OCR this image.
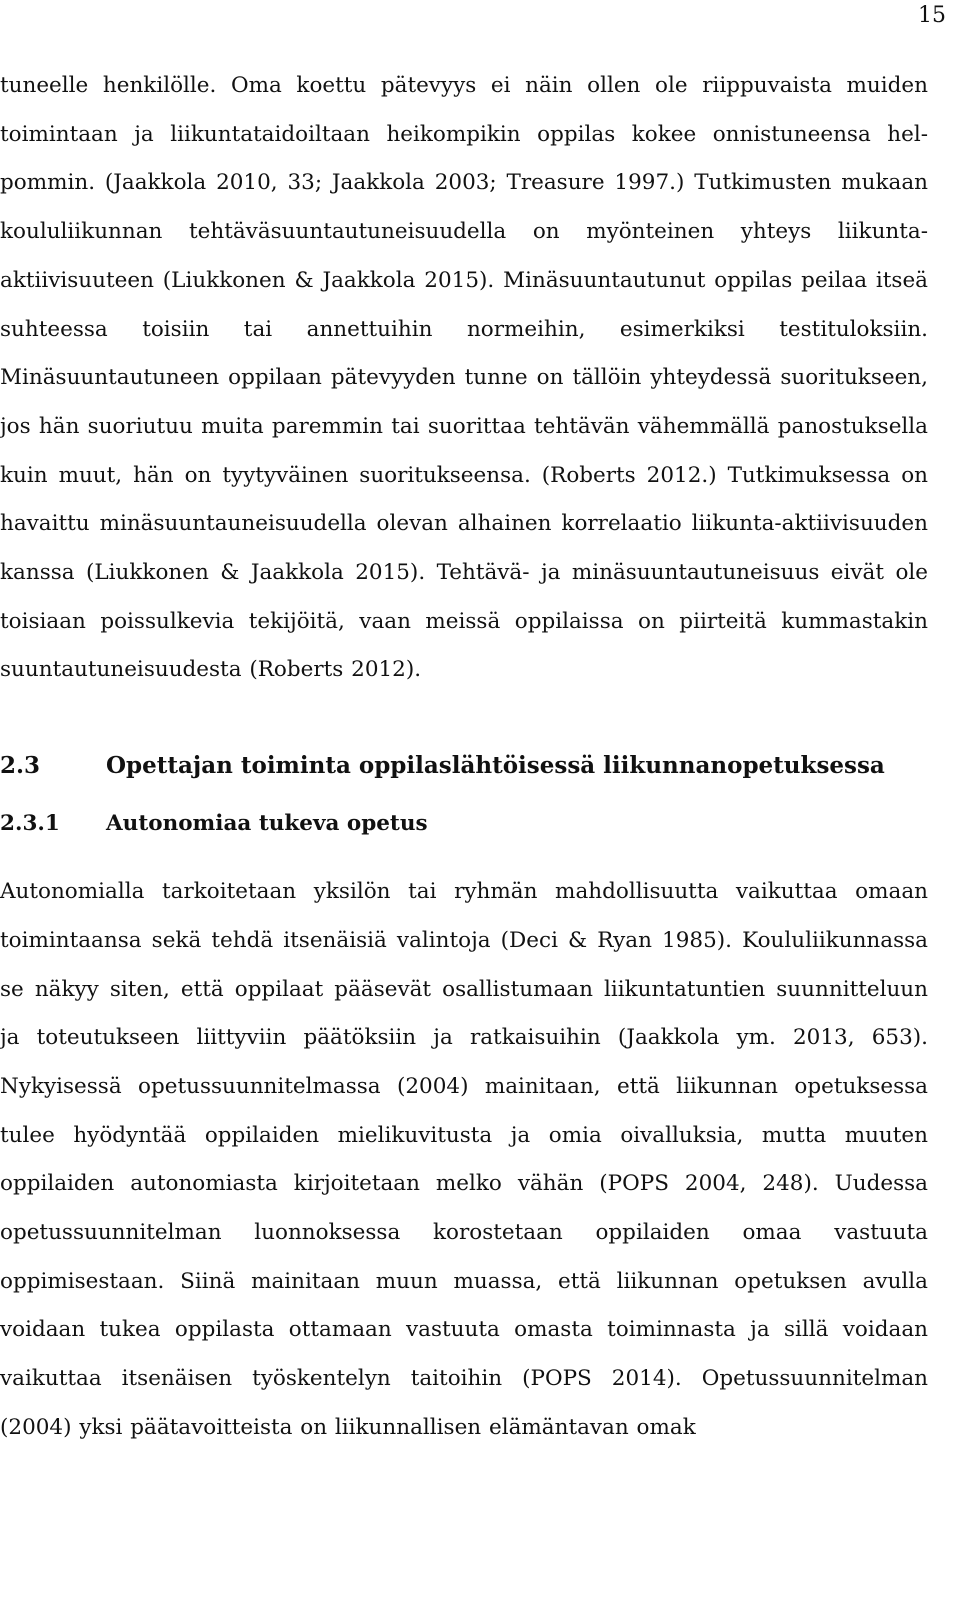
15

tuneelle henkilölle. Oma koettu pätevyys ei näin ollen ole riippuvaista muiden toimintaan ja liikuntataidoiltaan heikompikin oppilas kokee onnistuneensa helpommin. (Jaakkola 2010, 33; Jaakkola 2003; Treasure 1997.) Tutkimusten mukaan koululiikunnan tehtäväsuuntautuneisuudella on myönteinen yhteys liikunta-aktiivisuuteen (Liukkonen & Jaakkola 2015). Minäsuuntautunut oppilas peilaa itseä suhteessa toisiin tai annettuihin normeihin, esimerkiksi testituloksiin. Minäsuuntautuneen oppilaan pätevyyden tunne on tällöin yhteydessä suoritukseen, jos hän suoriutuu muita paremmin tai suorittaa tehtävän vähemmällä panostuksella kuin muut, hän on tyytyväinen suoritukseensa. (Roberts 2012.) Tutkimuksessa on havaittu minäsuuntauneisuudella olevan alhainen korrelaatio liikunta-aktiivisuuden kanssa (Liukkonen & Jaakkola 2015). Tehtävä- ja minäsuuntautuneisuus eivät ole toisiaan poissulkevia tekijöitä, vaan meissä oppilaissa on piirteitä kummastakin suuntautuneisuudesta (Roberts 2012).

2.3	Opettajan toiminta oppilaslähtöisessä liikunnanopetuksessa
2.3.1	Autonomiaa tukeva opetus

Autonomialla tarkoitetaan yksilön tai ryhmän mahdollisuutta vaikuttaa omaan toimintaansa sekä tehdä itsenäisiä valintoja (Deci & Ryan 1985). Koululiikunnassa se näkyy siten, että oppilaat pääsevät osallistumaan liikuntatuntien suunnitteluun ja toteutukseen liittyviin päätöksiin ja ratkaisuihin (Jaakkola ym. 2013, 653). Nykyisessä opetussuunnitelmassa (2004) mainitaan, että liikunnan opetuksessa tulee hyödyntää oppilaiden mielikuvitusta ja omia oivalluksia, mutta muuten oppilaiden autonomiasta kirjoitetaan melko vähän (POPS 2004, 248). Uudessa opetussuunnitelman luonnoksessa korostetaan oppilaiden omaa vastuuta oppimisestaan. Siinä mainitaan muun muassa, että liikunnan opetuksen avulla voidaan tukea oppilasta ottamaan vastuuta omasta toiminnasta ja sillä voidaan vaikuttaa itsenäisen työskentelyn taitoihin (POPS 2014). Opetussuunnitelman (2004) yksi päätavoitteista on liikunnallisen elämäntavan omak
